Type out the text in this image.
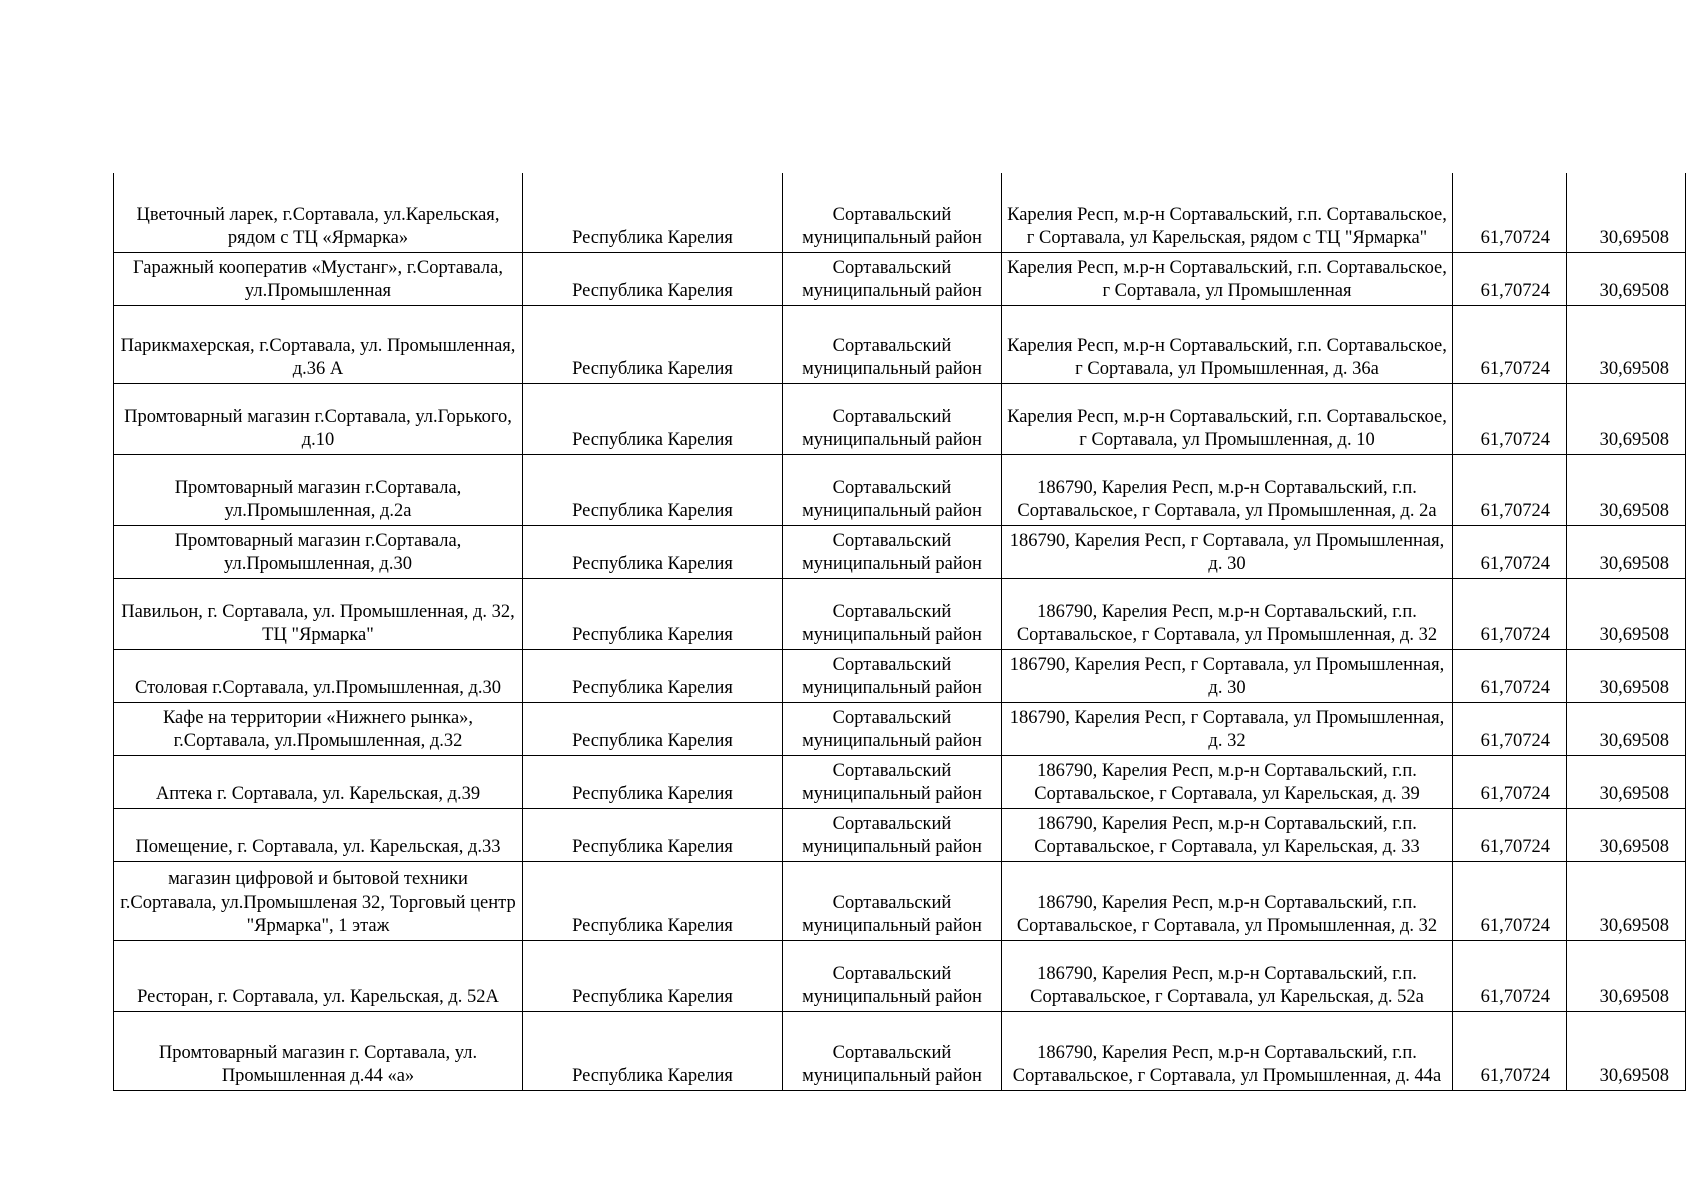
Цветочный ларек, г.Сортавала, ул.Карельская, рядом с ТЦ «Ярмарка»	Республика Карелия	Сортавальский муниципальный район	Карелия Респ, м.р-н Сортавальский, г.п. Сортавальское, г Сортавала, ул Карельская, рядом с ТЦ "Ярмарка"	61,70724	30,69508
Гаражный кооператив «Мустанг», г.Сортавала, ул.Промышленная	Республика Карелия	Сортавальский муниципальный район	Карелия Респ, м.р-н Сортавальский, г.п. Сортавальское, г Сортавала, ул Промышленная	61,70724	30,69508
Парикмахерская, г.Сортавала, ул. Промышленная, д.36 А	Республика Карелия	Сортавальский муниципальный район	Карелия Респ, м.р-н Сортавальский, г.п. Сортавальское, г Сортавала, ул Промышленная, д. 36а	61,70724	30,69508
Промтоварный магазин г.Сортавала, ул.Горького, д.10	Республика Карелия	Сортавальский муниципальный район	Карелия Респ, м.р-н Сортавальский, г.п. Сортавальское, г Сортавала, ул Промышленная, д. 10	61,70724	30,69508
Промтоварный магазин г.Сортавала, ул.Промышленная, д.2а	Республика Карелия	Сортавальский муниципальный район	186790, Карелия Респ, м.р-н Сортавальский, г.п. Сортавальское, г Сортавала, ул Промышленная, д. 2а	61,70724	30,69508
Промтоварный магазин г.Сортавала, ул.Промышленная, д.30	Республика Карелия	Сортавальский муниципальный район	186790, Карелия Респ, г Сортавала, ул Промышленная, д. 30	61,70724	30,69508
Павильон, г. Сортавала, ул. Промышленная, д. 32, ТЦ "Ярмарка"	Республика Карелия	Сортавальский муниципальный район	186790, Карелия Респ, м.р-н Сортавальский, г.п. Сортавальское, г Сортавала, ул Промышленная, д. 32	61,70724	30,69508
Столовая г.Сортавала, ул.Промышленная, д.30	Республика Карелия	Сортавальский муниципальный район	186790, Карелия Респ, г Сортавала, ул Промышленная, д. 30	61,70724	30,69508
Кафе на территории «Нижнего рынка», г.Сортавала, ул.Промышленная, д.32	Республика Карелия	Сортавальский муниципальный район	186790, Карелия Респ, г Сортавала, ул Промышленная, д. 32	61,70724	30,69508
Аптека г. Сортавала, ул. Карельская, д.39	Республика Карелия	Сортавальский муниципальный район	186790, Карелия Респ, м.р-н Сортавальский, г.п. Сортавальское, г Сортавала, ул Карельская, д. 39	61,70724	30,69508
Помещение, г. Сортавала, ул. Карельская, д.33	Республика Карелия	Сортавальский муниципальный район	186790, Карелия Респ, м.р-н Сортавальский, г.п. Сортавальское, г Сортавала, ул Карельская, д. 33	61,70724	30,69508
магазин цифровой и бытовой техники г.Сортавала, ул.Промышленая 32, Торговый центр "Ярмарка", 1 этаж	Республика Карелия	Сортавальский муниципальный район	186790, Карелия Респ, м.р-н Сортавальский, г.п. Сортавальское, г Сортавала, ул Промышленная, д. 32	61,70724	30,69508
Ресторан, г. Сортавала, ул. Карельская, д. 52А	Республика Карелия	Сортавальский муниципальный район	186790, Карелия Респ, м.р-н Сортавальский, г.п. Сортавальское, г Сортавала, ул Карельская, д. 52а	61,70724	30,69508
Промтоварный магазин г. Сортавала, ул. Промышленная д.44 «а»	Республика Карелия	Сортавальский муниципальный район	186790, Карелия Респ, м.р-н Сортавальский, г.п. Сортавальское, г Сортавала, ул Промышленная, д. 44а	61,70724	30,69508
